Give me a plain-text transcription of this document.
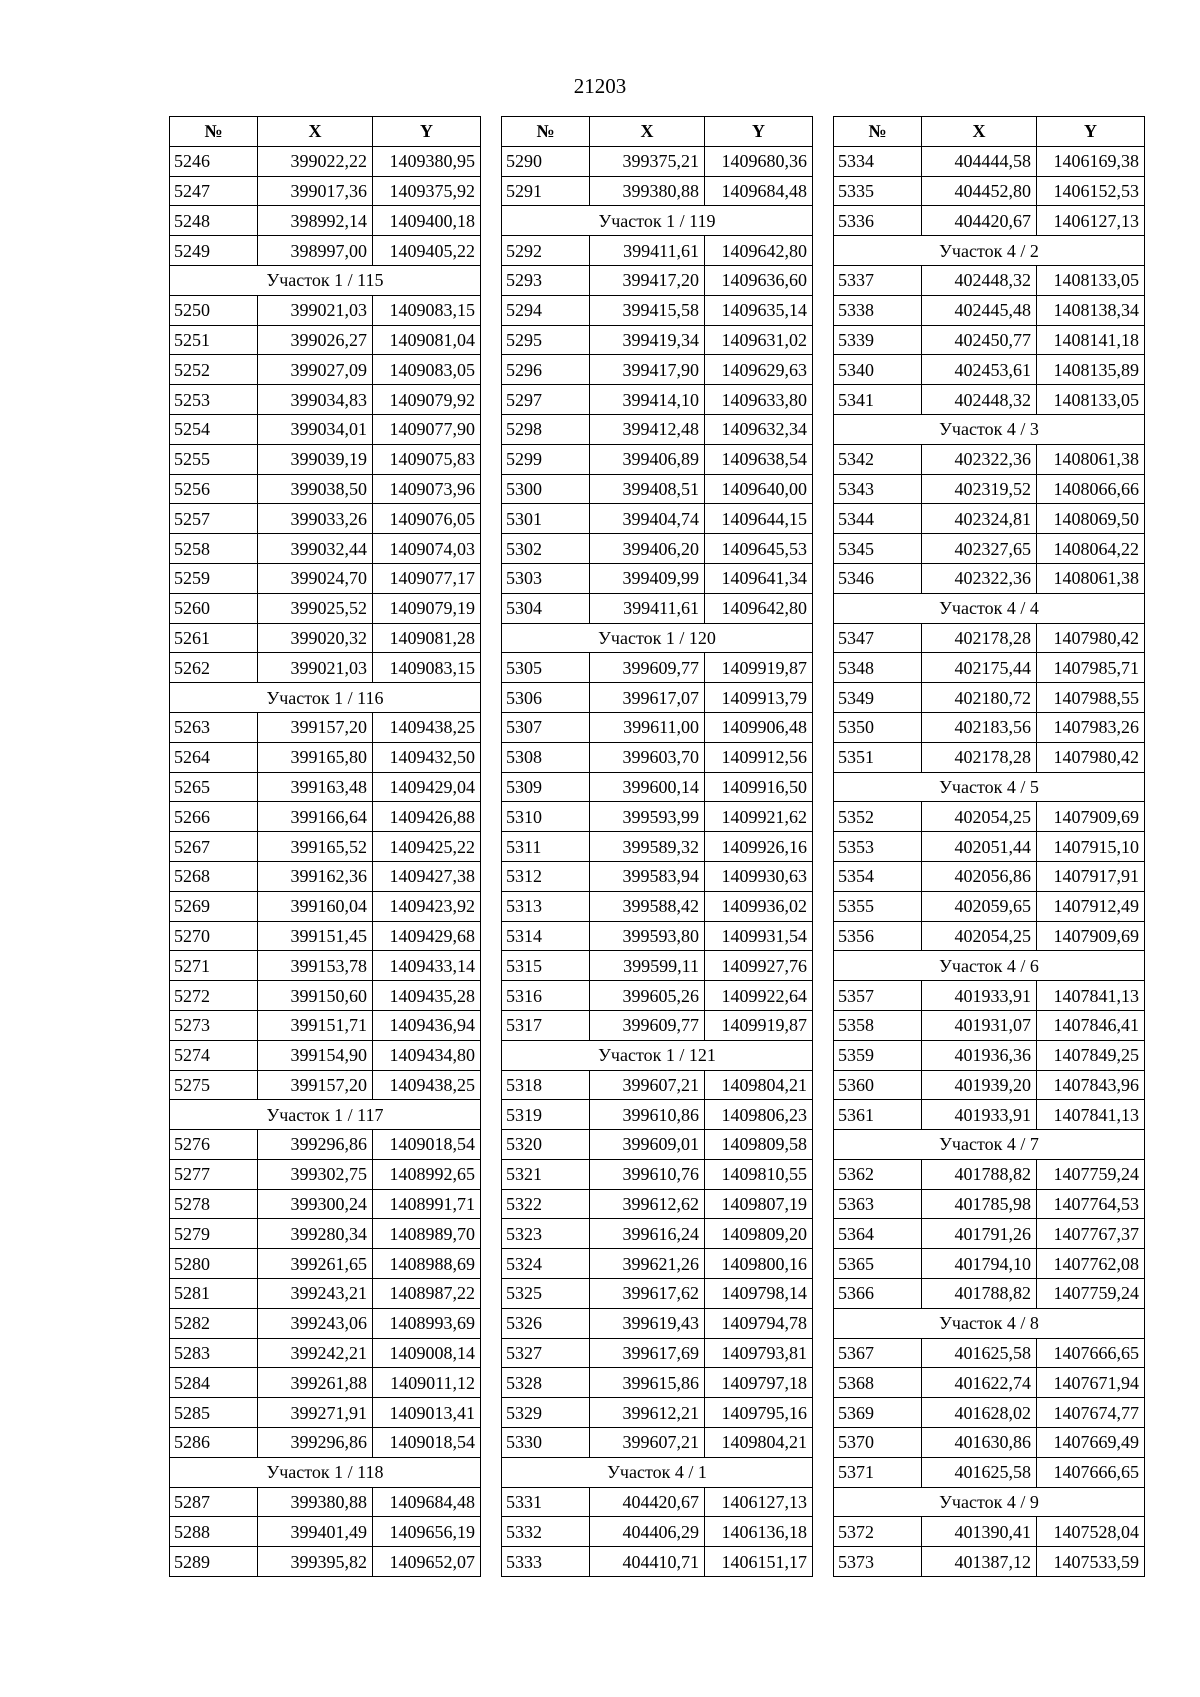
21203
№	X	Y
5246	399022,22	1409380,95
5247	399017,36	1409375,92
5248	398992,14	1409400,18
5249	398997,00	1409405,22
Участок 1 / 115		
5250	399021,03	1409083,15
5251	399026,27	1409081,04
5252	399027,09	1409083,05
5253	399034,83	1409079,92
5254	399034,01	1409077,90
5255	399039,19	1409075,83
5256	399038,50	1409073,96
5257	399033,26	1409076,05
5258	399032,44	1409074,03
5259	399024,70	1409077,17
5260	399025,52	1409079,19
5261	399020,32	1409081,28
5262	399021,03	1409083,15
Участок 1 / 116		
5263	399157,20	1409438,25
5264	399165,80	1409432,50
5265	399163,48	1409429,04
5266	399166,64	1409426,88
5267	399165,52	1409425,22
5268	399162,36	1409427,38
5269	399160,04	1409423,92
5270	399151,45	1409429,68
5271	399153,78	1409433,14
5272	399150,60	1409435,28
5273	399151,71	1409436,94
5274	399154,90	1409434,80
5275	399157,20	1409438,25
Участок 1 / 117		
5276	399296,86	1409018,54
5277	399302,75	1408992,65
5278	399300,24	1408991,71
5279	399280,34	1408989,70
5280	399261,65	1408988,69
5281	399243,21	1408987,22
5282	399243,06	1408993,69
5283	399242,21	1409008,14
5284	399261,88	1409011,12
5285	399271,91	1409013,41
5286	399296,86	1409018,54
Участок 1 / 118		
5287	399380,88	1409684,48
5288	399401,49	1409656,19
5289	399395,82	1409652,07
№	X	Y
5290	399375,21	1409680,36
5291	399380,88	1409684,48
Участок 1 / 119		
5292	399411,61	1409642,80
5293	399417,20	1409636,60
5294	399415,58	1409635,14
5295	399419,34	1409631,02
5296	399417,90	1409629,63
5297	399414,10	1409633,80
5298	399412,48	1409632,34
5299	399406,89	1409638,54
5300	399408,51	1409640,00
5301	399404,74	1409644,15
5302	399406,20	1409645,53
5303	399409,99	1409641,34
5304	399411,61	1409642,80
Участок 1 / 120		
5305	399609,77	1409919,87
5306	399617,07	1409913,79
5307	399611,00	1409906,48
5308	399603,70	1409912,56
5309	399600,14	1409916,50
5310	399593,99	1409921,62
5311	399589,32	1409926,16
5312	399583,94	1409930,63
5313	399588,42	1409936,02
5314	399593,80	1409931,54
5315	399599,11	1409927,76
5316	399605,26	1409922,64
5317	399609,77	1409919,87
Участок 1 / 121		
5318	399607,21	1409804,21
5319	399610,86	1409806,23
5320	399609,01	1409809,58
5321	399610,76	1409810,55
5322	399612,62	1409807,19
5323	399616,24	1409809,20
5324	399621,26	1409800,16
5325	399617,62	1409798,14
5326	399619,43	1409794,78
5327	399617,69	1409793,81
5328	399615,86	1409797,18
5329	399612,21	1409795,16
5330	399607,21	1409804,21
Участок 4 / 1		
5331	404420,67	1406127,13
5332	404406,29	1406136,18
5333	404410,71	1406151,17
№	X	Y
5334	404444,58	1406169,38
5335	404452,80	1406152,53
5336	404420,67	1406127,13
Участок 4 / 2		
5337	402448,32	1408133,05
5338	402445,48	1408138,34
5339	402450,77	1408141,18
5340	402453,61	1408135,89
5341	402448,32	1408133,05
Участок 4 / 3		
5342	402322,36	1408061,38
5343	402319,52	1408066,66
5344	402324,81	1408069,50
5345	402327,65	1408064,22
5346	402322,36	1408061,38
Участок 4 / 4		
5347	402178,28	1407980,42
5348	402175,44	1407985,71
5349	402180,72	1407988,55
5350	402183,56	1407983,26
5351	402178,28	1407980,42
Участок 4 / 5		
5352	402054,25	1407909,69
5353	402051,44	1407915,10
5354	402056,86	1407917,91
5355	402059,65	1407912,49
5356	402054,25	1407909,69
Участок 4 / 6		
5357	401933,91	1407841,13
5358	401931,07	1407846,41
5359	401936,36	1407849,25
5360	401939,20	1407843,96
5361	401933,91	1407841,13
Участок 4 / 7		
5362	401788,82	1407759,24
5363	401785,98	1407764,53
5364	401791,26	1407767,37
5365	401794,10	1407762,08
5366	401788,82	1407759,24
Участок 4 / 8		
5367	401625,58	1407666,65
5368	401622,74	1407671,94
5369	401628,02	1407674,77
5370	401630,86	1407669,49
5371	401625,58	1407666,65
Участок 4 / 9		
5372	401390,41	1407528,04
5373	401387,12	1407533,59
